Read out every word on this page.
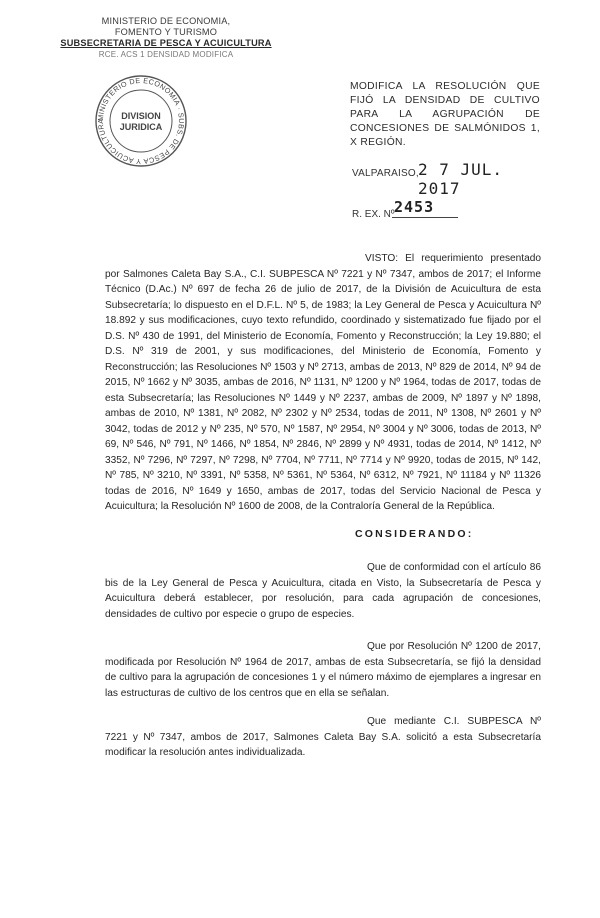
MINISTERIO DE ECONOMIA,
FOMENTO Y TURISMO
SUBSECRETARIA DE PESCA Y ACUICULTURA
RCE. ACS 1 DENSIDAD MODIFICA
MINISTERIO DE ECONOMIA · SUBS. DE PESCA Y ACUICULTURA
DIVISION
JURIDICA
MODIFICA LA RESOLUCIÓN QUE FIJÓ LA DENSIDAD DE CULTIVO PARA LA AGRUPACIÓN DE CONCESIONES DE SALMÓNIDOS 1, X REGIÓN.
VALPARAISO, 2 7 JUL. 2017
R. EX. Nº 2453
VISTO: El requerimiento presentado por Salmones Caleta Bay S.A., C.I. SUBPESCA Nº 7221 y Nº 7347, ambos de 2017; el Informe Técnico (D.Ac.) Nº 697 de fecha 26 de julio de 2017, de la División de Acuicultura de esta Subsecretaría; lo dispuesto en el D.F.L. Nº 5, de 1983; la Ley General de Pesca y Acuicultura Nº 18.892 y sus modificaciones, cuyo texto refundido, coordinado y sistematizado fue fijado por el D.S. Nº 430 de 1991, del Ministerio de Economía, Fomento y Reconstrucción; la Ley 19.880; el D.S. Nº 319 de 2001, y sus modificaciones, del Ministerio de Economía, Fomento y Reconstrucción; las Resoluciones Nº 1503 y Nº 2713, ambas de 2013, Nº 829 de 2014, Nº 94 de 2015, Nº 1662 y Nº 3035, ambas de 2016, Nº 1131, Nº 1200 y Nº 1964, todas de 2017, todas de esta Subsecretaría; las Resoluciones Nº 1449 y Nº 2237, ambas de 2009, Nº 1897 y Nº 1898, ambas de 2010, Nº 1381, Nº 2082, Nº 2302 y Nº 2534, todas de 2011, Nº 1308, Nº 2601 y Nº 3042, todas de 2012 y Nº 235, Nº 570, Nº 1587, Nº 2954, Nº 3004 y Nº 3006, todas de 2013, Nº 69, Nº 546, Nº 791, Nº 1466, Nº 1854, Nº 2846, Nº 2899 y Nº 4931, todas de 2014, Nº 1412, Nº 3352, Nº 7296, Nº 7297, Nº 7298, Nº 7704, Nº 7711, Nº 7714 y Nº 9920, todas de 2015, Nº 142, Nº 785, Nº 3210, Nº 3391, Nº 5358, Nº 5361, Nº 5364, Nº 6312, Nº 7921, Nº 11184 y Nº 11326 todas de 2016, Nº 1649 y 1650, ambas de 2017, todas del Servicio Nacional de Pesca y Acuicultura; la Resolución Nº 1600 de 2008, de la Contraloría General de la República.
CONSIDERANDO:
Que de conformidad con el artículo 86 bis de la Ley General de Pesca y Acuicultura, citada en Visto, la Subsecretaría de Pesca y Acuicultura deberá establecer, por resolución, para cada agrupación de concesiones, densidades de cultivo por especie o grupo de especies.
Que por Resolución Nº 1200 de 2017, modificada por Resolución Nº 1964 de 2017, ambas de esta Subsecretaría, se fijó la densidad de cultivo para la agrupación de concesiones 1 y el número máximo de ejemplares a ingresar en las estructuras de cultivo de los centros que en ella se señalan.
Que mediante C.I. SUBPESCA Nº 7221 y Nº 7347, ambos de 2017, Salmones Caleta Bay S.A. solicitó a esta Subsecretaría modificar la resolución antes individualizada.
